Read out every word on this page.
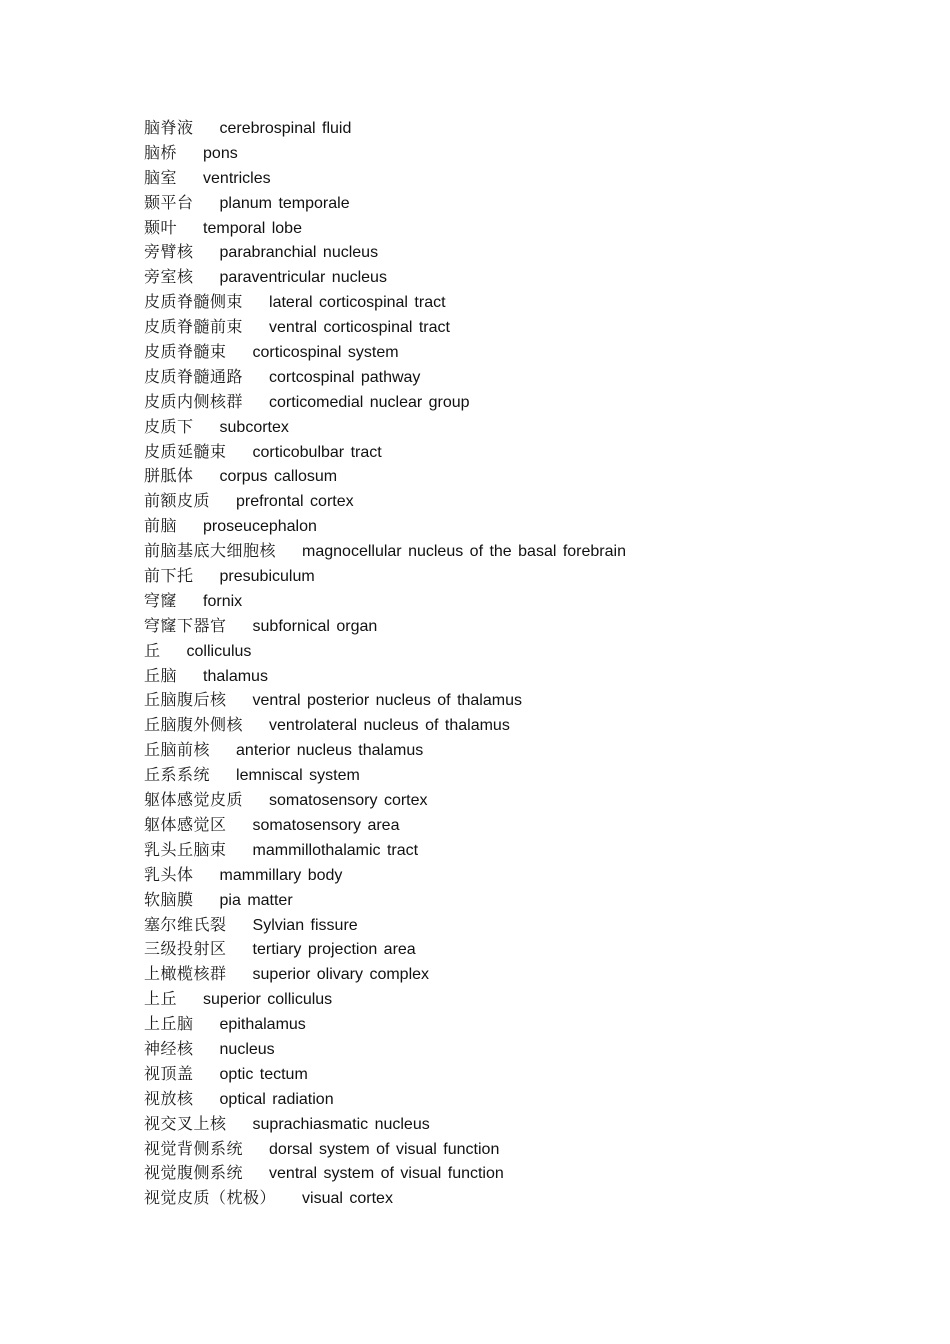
脑脊液 cerebrospinal fluid
脑桥 pons
脑室 ventricles
颞平台 planum temporale
颞叶 temporal lobe
旁臂核 parabranchial nucleus
旁室核 paraventricular nucleus
皮质脊髓侧束 lateral corticospinal tract
皮质脊髓前束 ventral corticospinal tract
皮质脊髓束 corticospinal system
皮质脊髓通路 cortcospinal pathway
皮质内侧核群 corticomedial nuclear group
皮质下 subcortex
皮质延髓束 corticobulbar tract
胼胝体 corpus callosum
前额皮质 prefrontal cortex
前脑 proseucephalon
前脑基底大细胞核 magnocellular nucleus of the basal forebrain
前下托 presubiculum
穹窿 fornix
穹窿下器官 subfornical organ
丘 colliculus
丘脑 thalamus
丘脑腹后核 ventral posterior nucleus of thalamus
丘脑腹外侧核 ventrolateral nucleus of thalamus
丘脑前核 anterior nucleus thalamus
丘系系统 lemniscal system
躯体感觉皮质 somatosensory cortex
躯体感觉区 somatosensory area
乳头丘脑束 mammillothalamic tract
乳头体 mammillary body
软脑膜 pia matter
塞尔维氏裂 Sylvian fissure
三级投射区 tertiary projection area
上橄榄核群 superior olivary complex
上丘 superior colliculus
上丘脑 epithalamus
神经核 nucleus
视顶盖 optic tectum
视放核 optical radiation
视交叉上核 suprachiasmatic nucleus
视觉背侧系统 dorsal system of visual function
视觉腹侧系统 ventral system of visual function
视觉皮质（枕极） visual cortex
